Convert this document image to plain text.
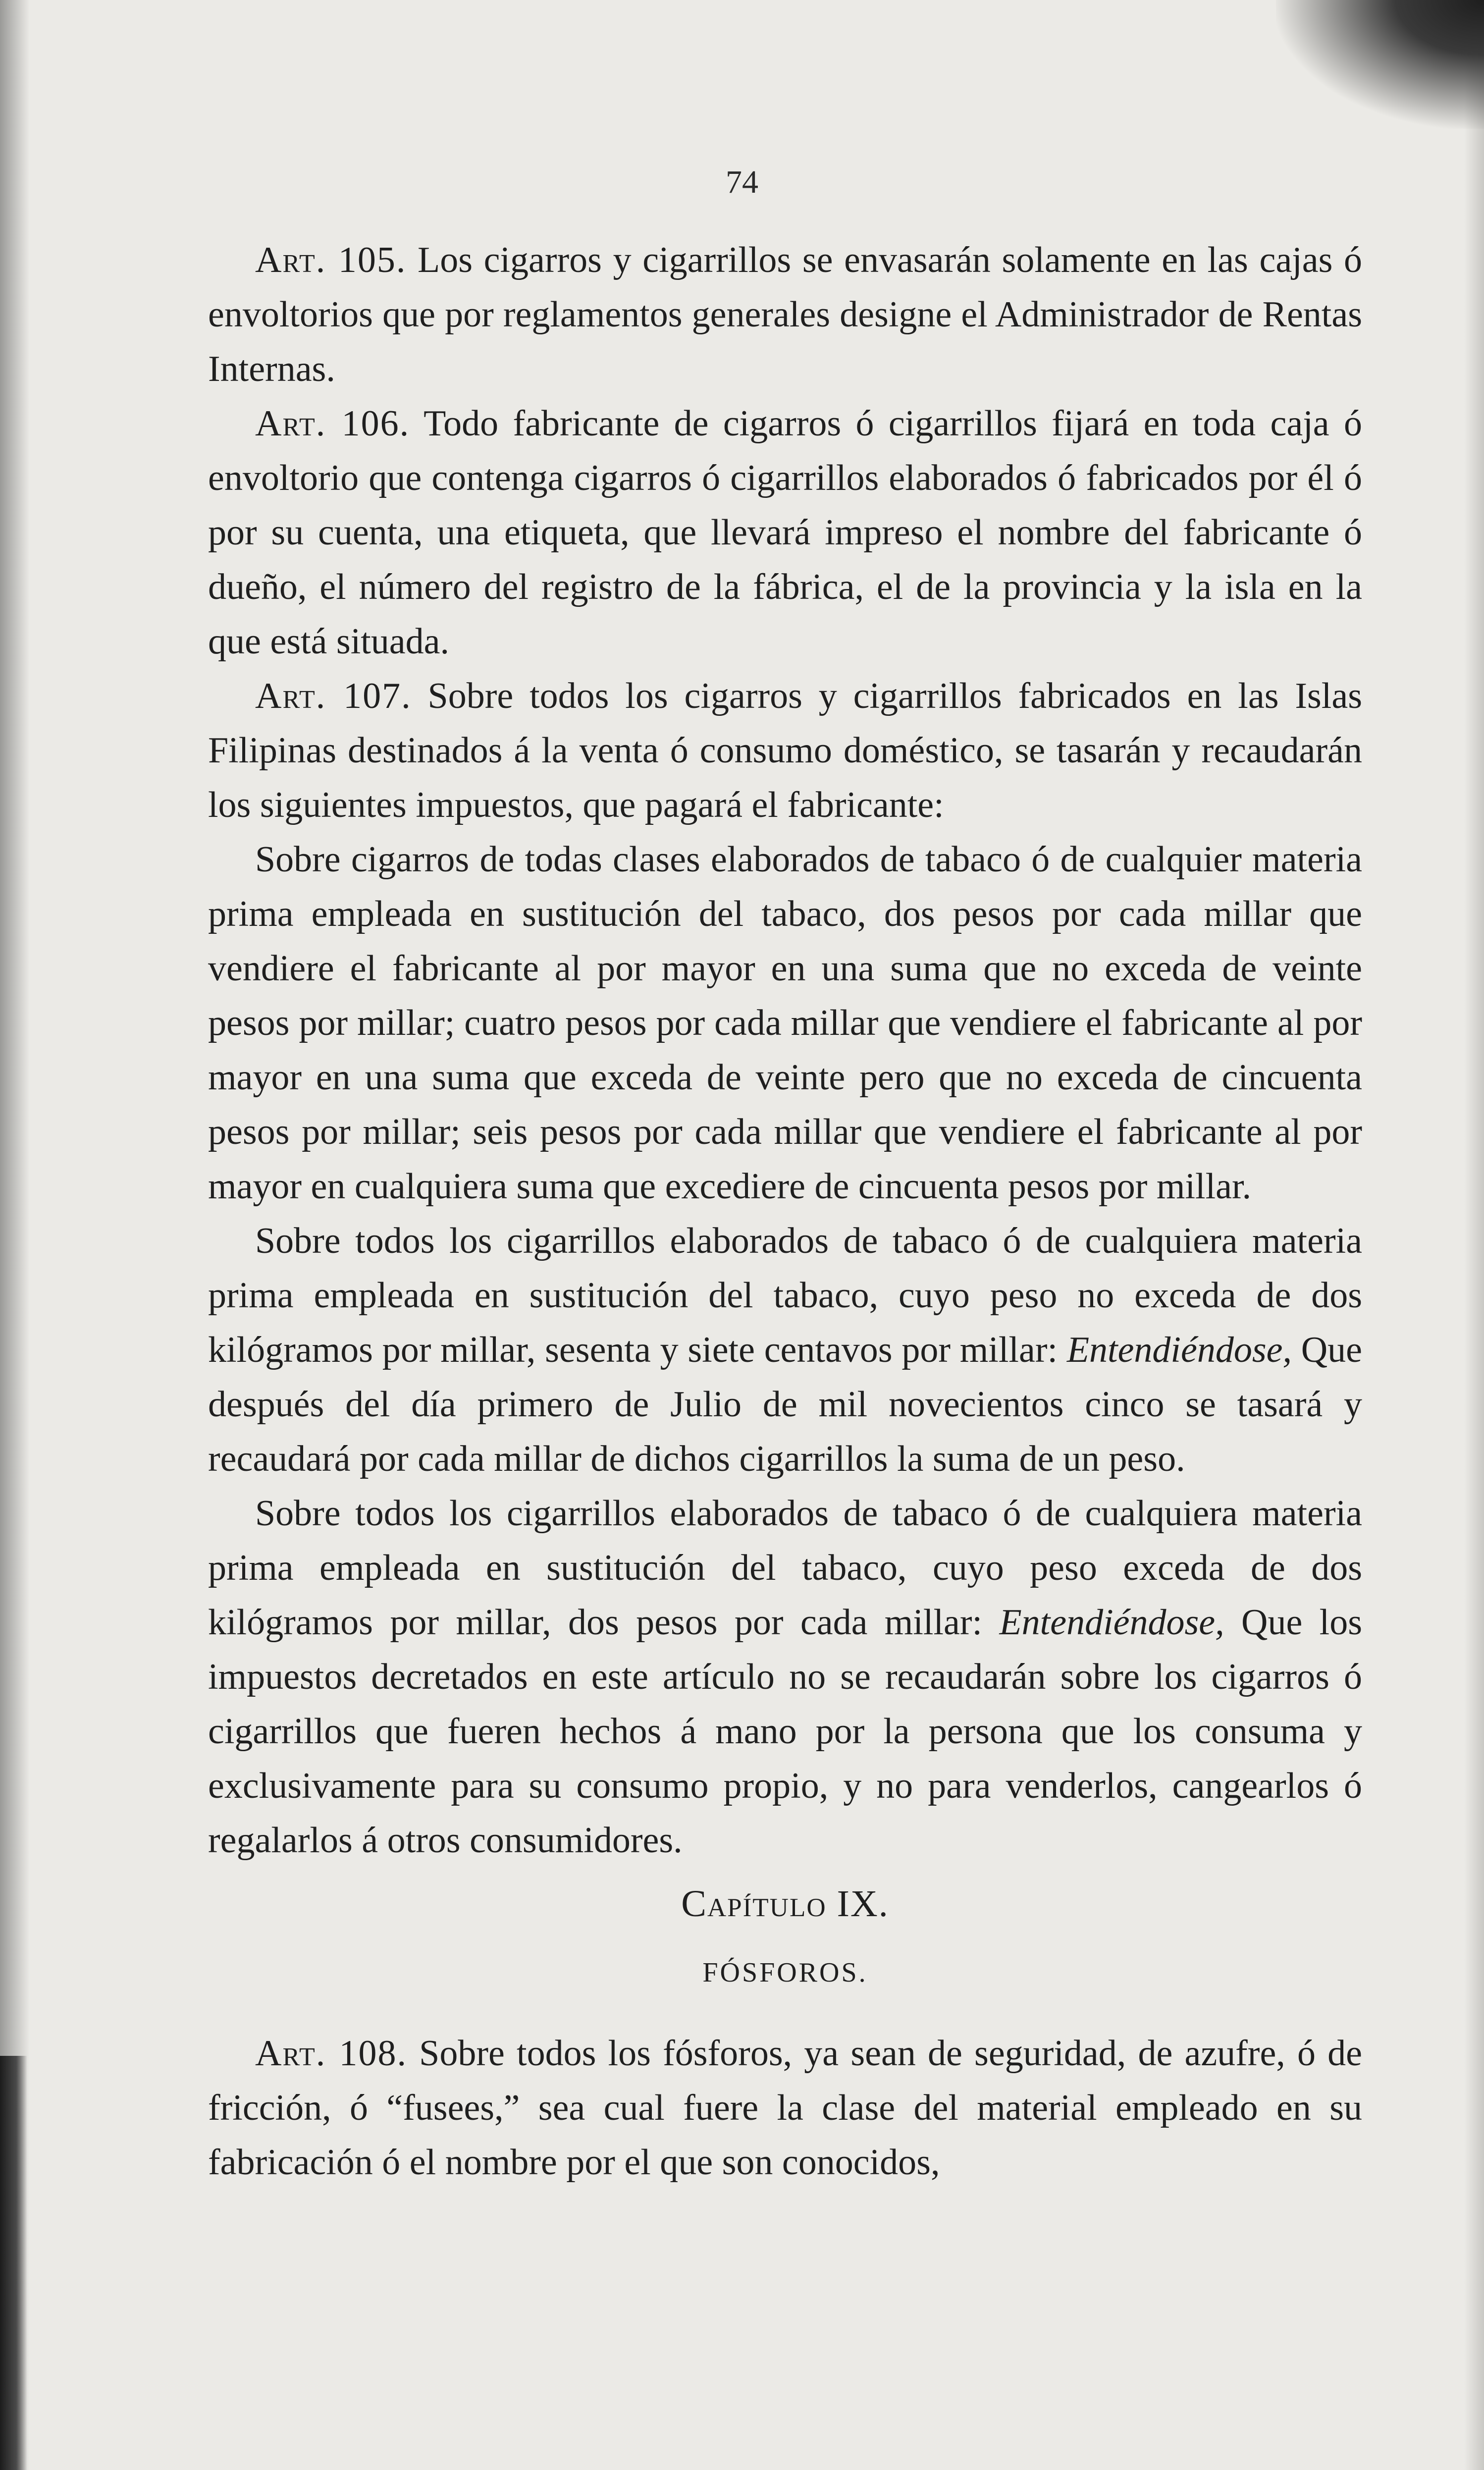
74

Art. 105. Los cigarros y cigarrillos se envasarán solamente en las cajas ó envoltorios que por reglamentos generales designe el Administrador de Rentas Internas.

Art. 106. Todo fabricante de cigarros ó cigarrillos fijará en toda caja ó envoltorio que contenga cigarros ó cigarrillos elaborados ó fabricados por él ó por su cuenta, una etiqueta, que llevará impreso el nombre del fabricante ó dueño, el número del registro de la fábrica, el de la provincia y la isla en la que está situada.

Art. 107. Sobre todos los cigarros y cigarrillos fabricados en las Islas Filipinas destinados á la venta ó consumo doméstico, se tasarán y recaudarán los siguientes impuestos, que pagará el fabricante:

Sobre cigarros de todas clases elaborados de tabaco ó de cualquier materia prima empleada en sustitución del tabaco, dos pesos por cada millar que vendiere el fabricante al por mayor en una suma que no exceda de veinte pesos por millar; cuatro pesos por cada millar que vendiere el fabricante al por mayor en una suma que exceda de veinte pero que no exceda de cincuenta pesos por millar; seis pesos por cada millar que vendiere el fabricante al por mayor en cualquiera suma que excediere de cincuenta pesos por millar.

Sobre todos los cigarrillos elaborados de tabaco ó de cualquiera materia prima empleada en sustitución del tabaco, cuyo peso no exceda de dos kilógramos por millar, sesenta y siete centavos por millar: Entendiéndose, Que después del día primero de Julio de mil novecientos cinco se tasará y recaudará por cada millar de dichos cigarrillos la suma de un peso.

Sobre todos los cigarrillos elaborados de tabaco ó de cualquiera materia prima empleada en sustitución del tabaco, cuyo peso exceda de dos kilógramos por millar, dos pesos por cada millar: Entendiéndose, Que los impuestos decretados en este artículo no se recaudarán sobre los cigarros ó cigarrillos que fueren hechos á mano por la persona que los consuma y exclusivamente para su consumo propio, y no para venderlos, cangearlos ó regalarlos á otros consumidores.

Capítulo IX.
FÓSFOROS.

Art. 108. Sobre todos los fósforos, ya sean de seguridad, de azufre, ó de fricción, ó “fusees,” sea cual fuere la clase del material empleado en su fabricación ó el nombre por el que son conocidos,
